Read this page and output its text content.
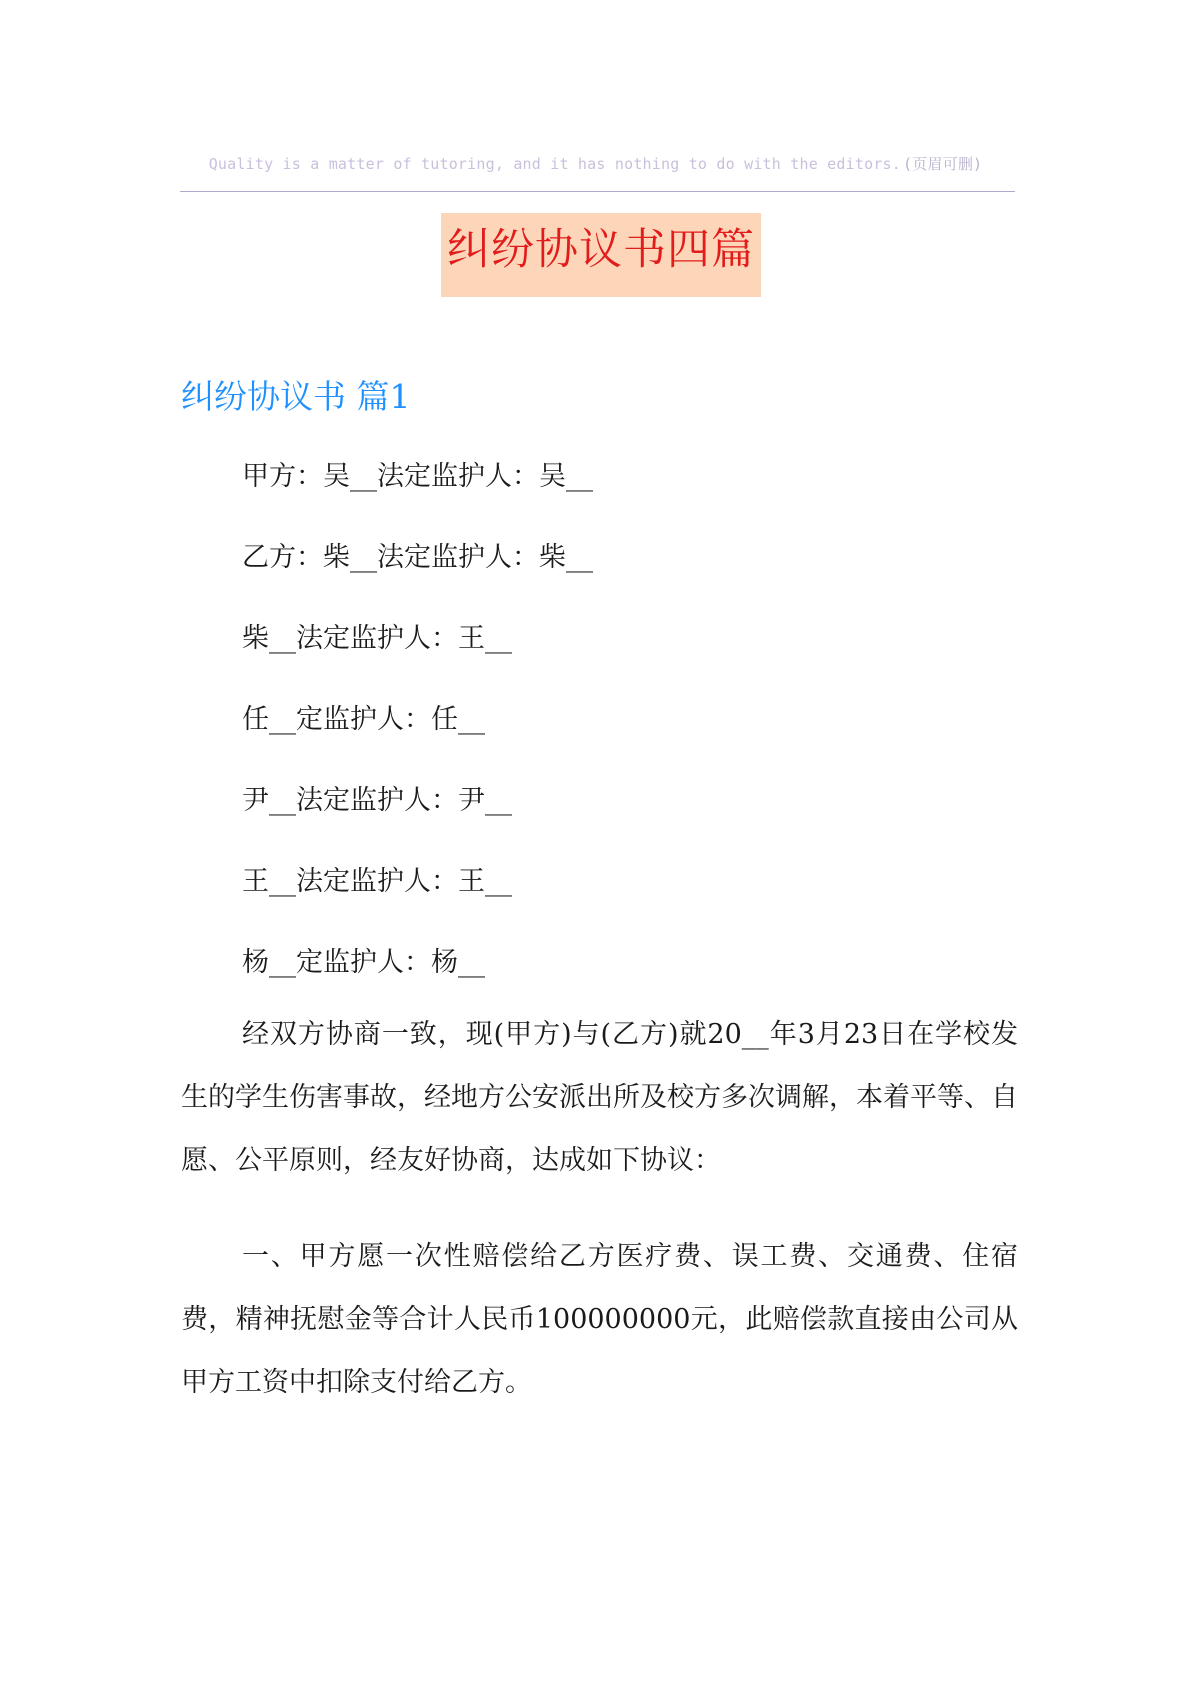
Quality is a matter of tutoring, and it has nothing to do with the editors. (页眉可删)
纠纷协议书四篇
纠纷协议书 篇1
甲方：吴__法定监护人：吴__
乙方：柴__法定监护人：柴__
柴__法定监护人：王__
任__定监护人：任__
尹__法定监护人：尹__
王__法定监护人：王__
杨__定监护人：杨__

经双方协商一致，现(甲方)与(乙方)就20__年3月23日在学校发生的学生伤害事故，经地方公安派出所及校方多次调解，本着平等、自愿、公平原则，经友好协商，达成如下协议：

一、甲方愿一次性赔偿给乙方医疗费、误工费、交通费、住宿费，精神抚慰金等合计人民币100000000元，此赔偿款直接由公司从甲方工资中扣除支付给乙方。
